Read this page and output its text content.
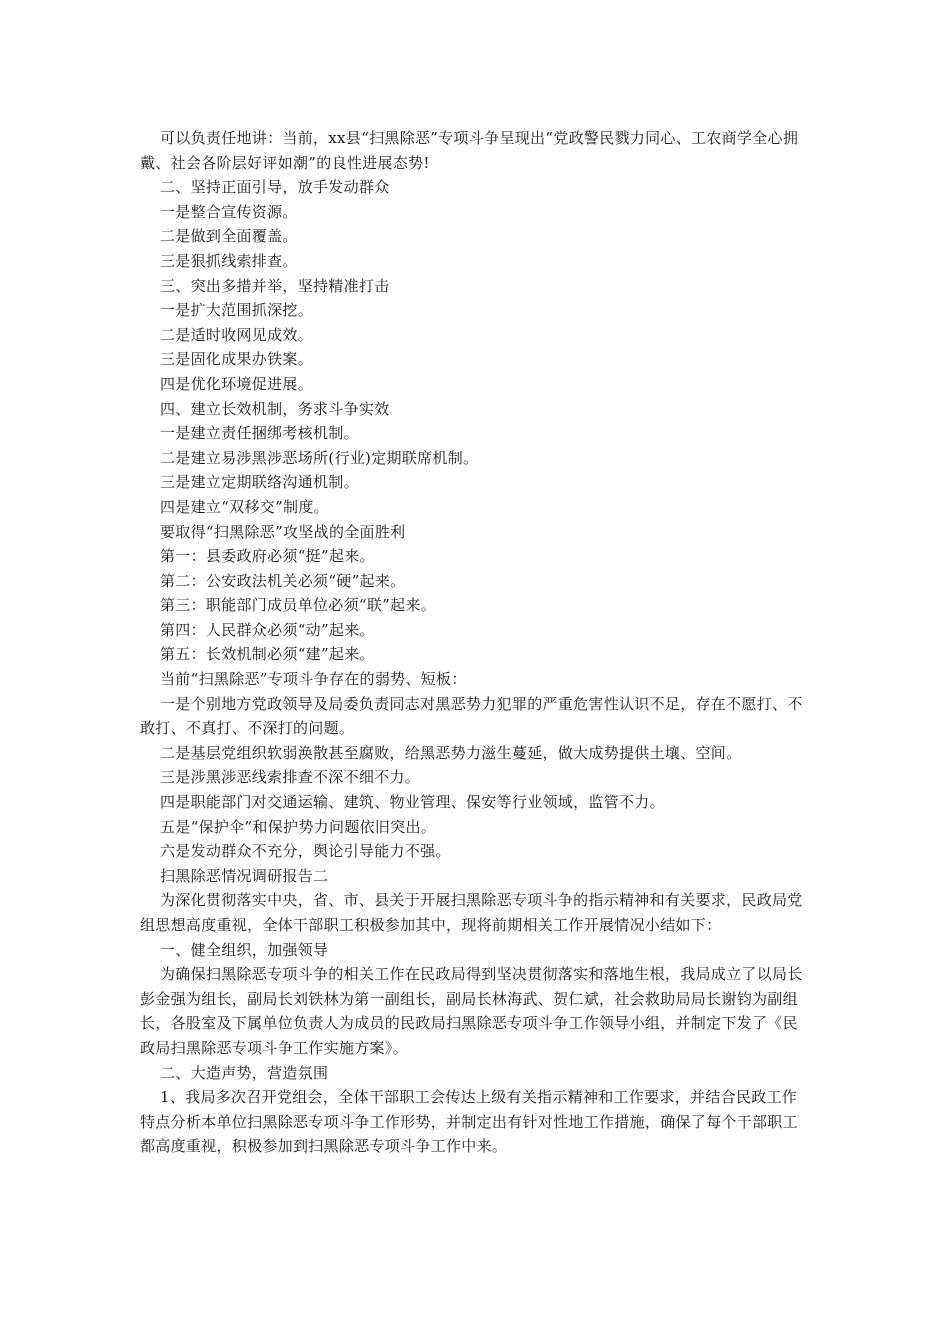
可以负责任地讲：当前，xx县“扫黑除恶”专项斗争呈现出“党政警民戮力同心、工农商学全心拥戴、社会各阶层好评如潮”的良性进展态势!

二、坚持正面引导，放手发动群众

一是整合宣传资源。

二是做到全面覆盖。

三是狠抓线索排查。

三、突出多措并举，坚持精准打击

一是扩大范围抓深挖。

二是适时收网见成效。

三是固化成果办铁案。

四是优化环境促进展。

四、建立长效机制，务求斗争实效

一是建立责任捆绑考核机制。

二是建立易涉黑涉恶场所(行业)定期联席机制。

三是建立定期联络沟通机制。

四是建立“双移交”制度。

要取得“扫黑除恶”攻坚战的全面胜利

第一：县委政府必须“挺”起来。

第二：公安政法机关必须“硬”起来。

第三：职能部门成员单位必须“联”起来。

第四：人民群众必须“动”起来。

第五：长效机制必须“建”起来。

当前“扫黑除恶”专项斗争存在的弱势、短板：

一是个别地方党政领导及局委负责同志对黑恶势力犯罪的严重危害性认识不足，存在不愿打、不敢打、不真打、不深打的问题。

二是基层党组织软弱涣散甚至腐败，给黑恶势力滋生蔓延，做大成势提供土壤、空间。

三是涉黑涉恶线索排查不深不细不力。

四是职能部门对交通运输、建筑、物业管理、保安等行业领域，监管不力。

五是“保护伞”和保护势力问题依旧突出。

六是发动群众不充分，舆论引导能力不强。

扫黑除恶情况调研报告二

为深化贯彻落实中央，省、市、县关于开展扫黑除恶专项斗争的指示精神和有关要求，民政局党组思想高度重视，全体干部职工积极参加其中，现将前期相关工作开展情况小结如下：

一、健全组织，加强领导

为确保扫黑除恶专项斗争的相关工作在民政局得到坚决贯彻落实和落地生根，我局成立了以局长彭金强为组长，副局长刘铁林为第一副组长，副局长林海武、贺仁斌，社会救助局局长谢钧为副组长，各股室及下属单位负责人为成员的民政局扫黑除恶专项斗争工作领导小组，并制定下发了《民政局扫黑除恶专项斗争工作实施方案》。

二、大造声势，营造氛围

1、我局多次召开党组会，全体干部职工会传达上级有关指示精神和工作要求，并结合民政工作特点分析本单位扫黑除恶专项斗争工作形势，并制定出有针对性地工作措施，确保了每个干部职工都高度重视，积极参加到扫黑除恶专项斗争工作中来。
